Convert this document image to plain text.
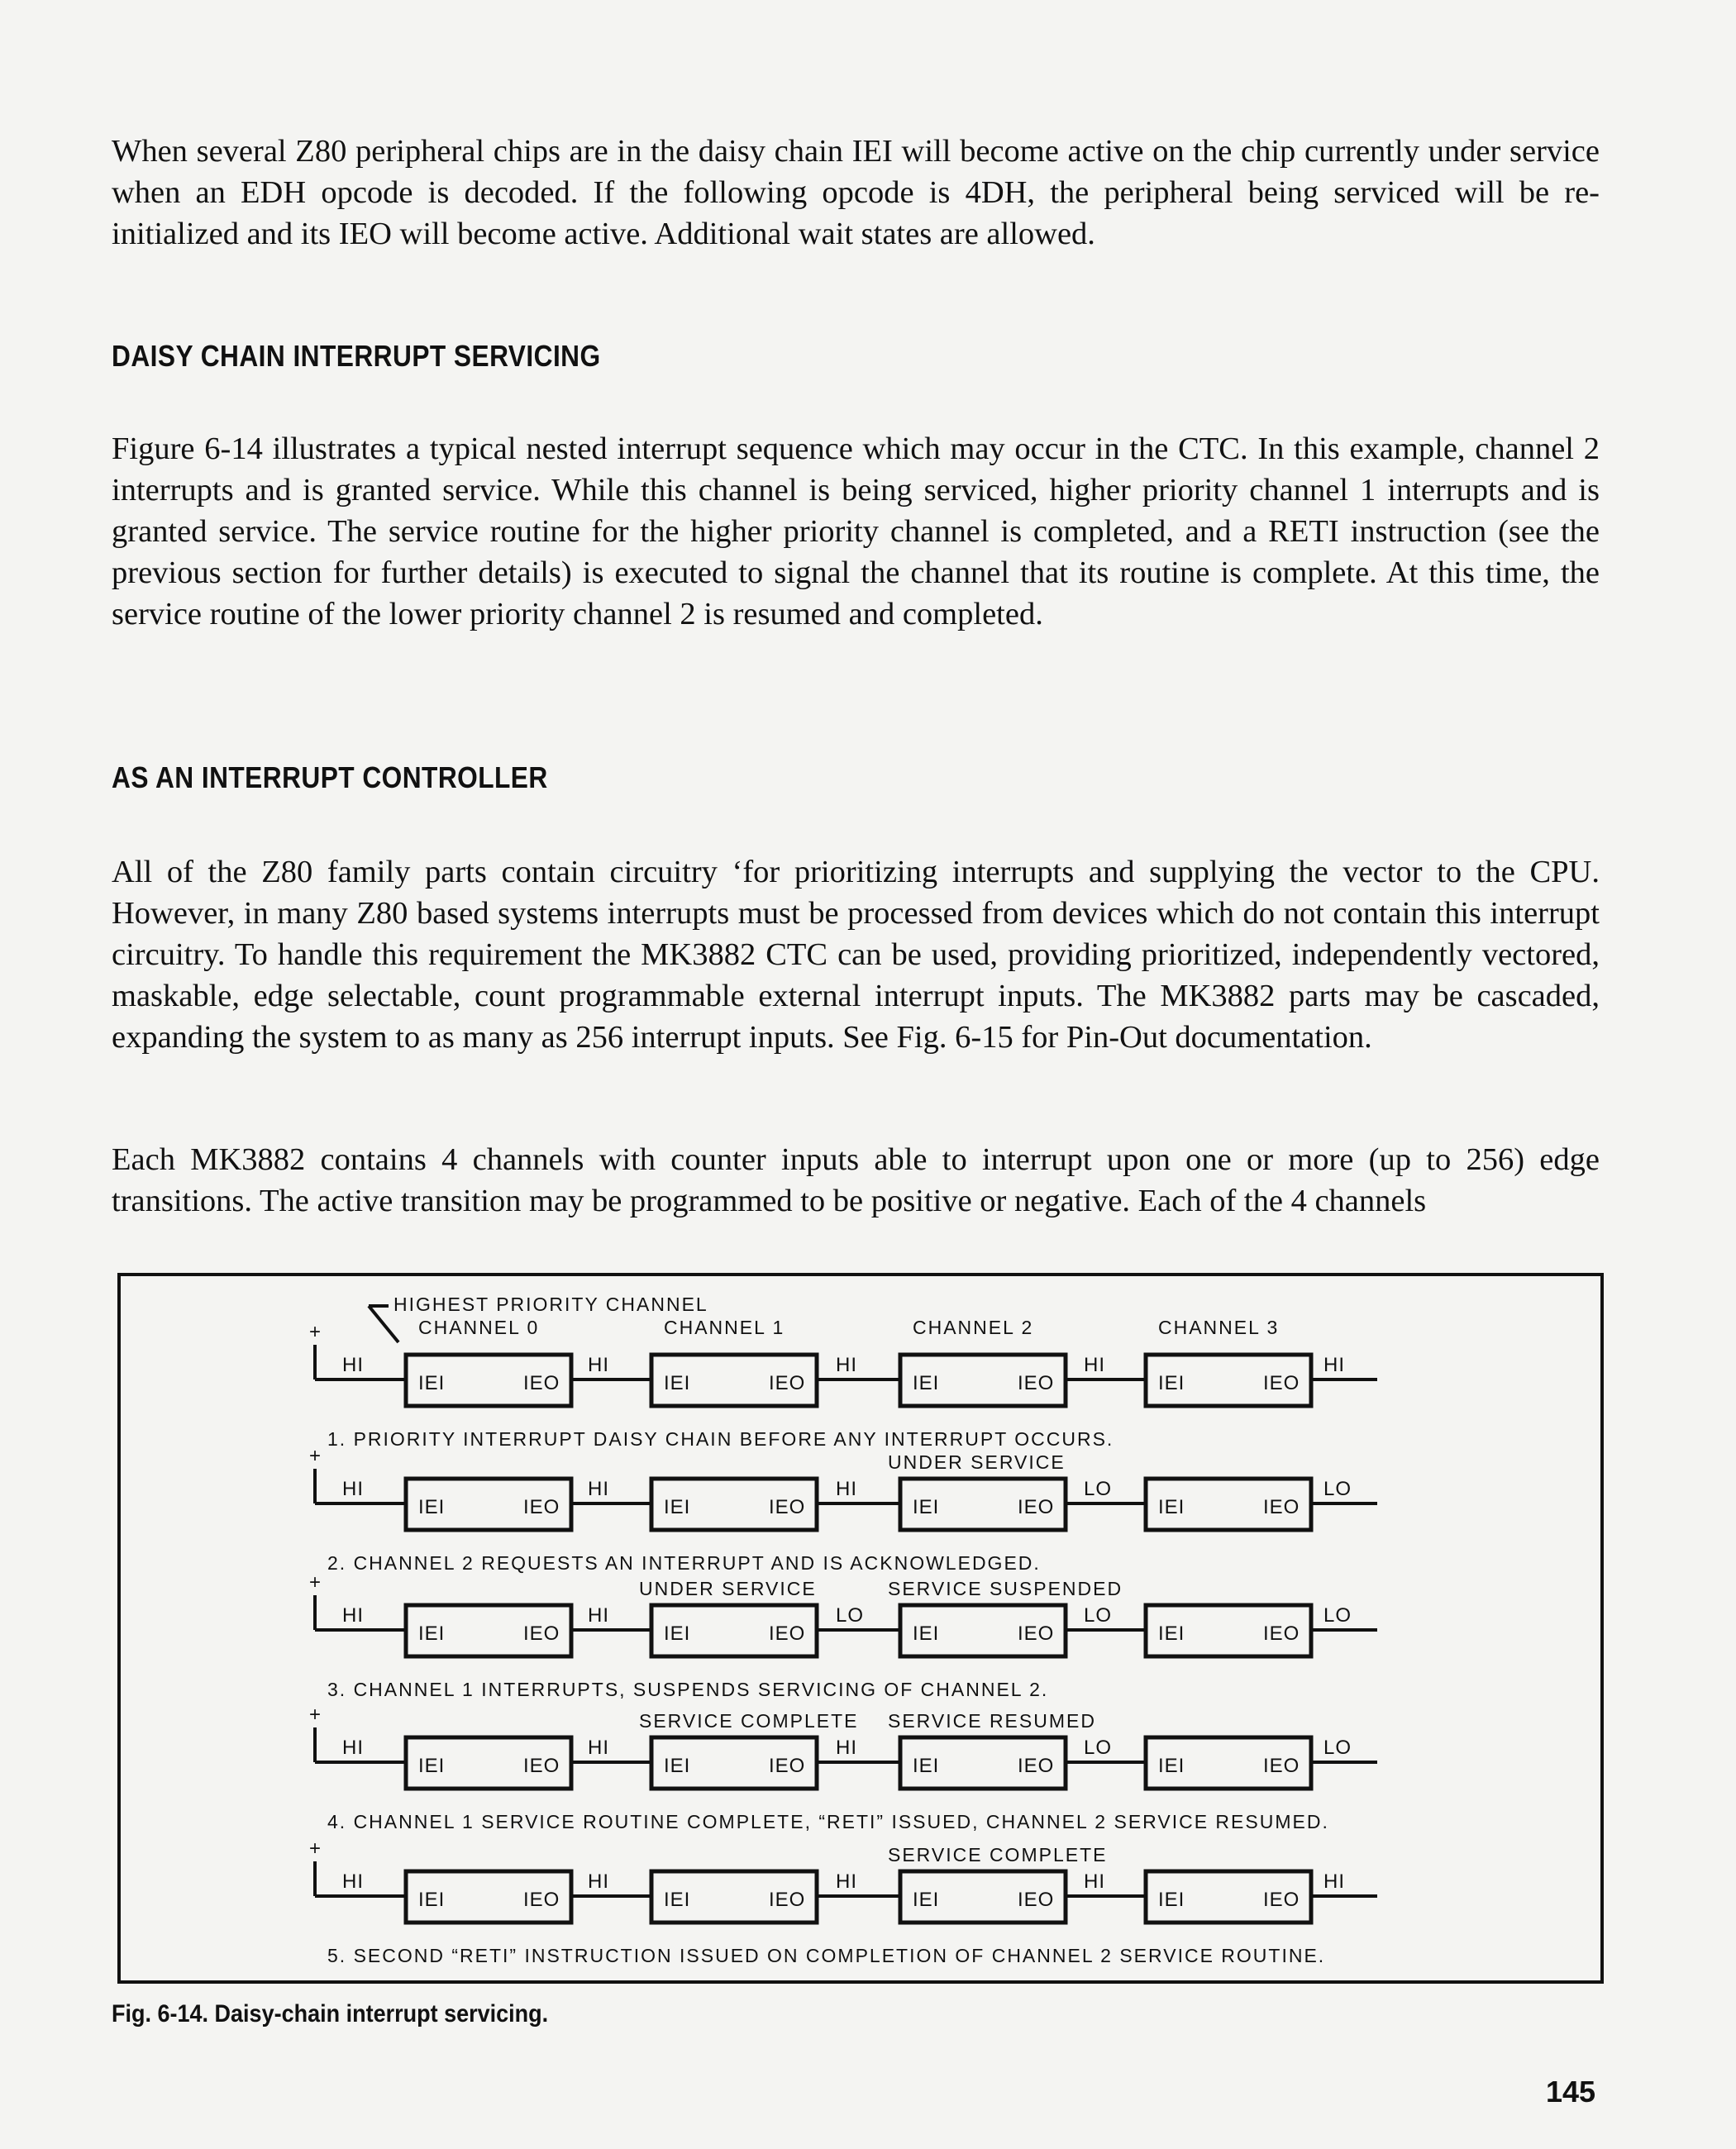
When several Z80 peripheral chips are in the daisy chain IEI will become active on the chip currently under service when an EDH opcode is decoded. If the following opcode is 4DH, the peripheral being serviced will be re-initialized and its IEO will become active. Additional wait states are allowed.

DAISY CHAIN INTERRUPT SERVICING

Figure 6-14 illustrates a typical nested interrupt sequence which may occur in the CTC. In this example, channel 2 interrupts and is granted service. While this channel is being serviced, higher priority channel 1 interrupts and is granted service. The service routine for the higher priority channel is completed, and a RETI instruction (see the previous section for further details) is executed to signal the channel that its routine is complete. At this time, the service routine of the lower priority channel 2 is resumed and completed.

AS AN INTERRUPT CONTROLLER

All of the Z80 family parts contain circuitry ‘for prioritizing interrupts and supplying the vector to the CPU. However, in many Z80 based systems interrupts must be processed from devices which do not contain this interrupt circuitry. To handle this requirement the MK3882 CTC can be used, providing prioritized, independently vectored, maskable, edge selectable, count programmable external interrupt inputs. The MK3882 parts may be cascaded, expanding the system to as many as 256 interrupt inputs. See Fig. 6-15 for Pin-Out documentation.

Each MK3882 contains 4 channels with counter inputs able to interrupt upon one or more (up to 256) edge transitions. The active transition may be programmed to be positive or negative. Each of the 4 channels

HIGHEST PRIORITY CHANNEL
CHANNEL 0	CHANNEL 1	CHANNEL 2	CHANNEL 3
+
IEI	IEO	IEI	IEO	IEI	IEO	IEI	IEO
HI	HI	HI	HI	HI
1. PRIORITY INTERRUPT DAISY CHAIN BEFORE ANY INTERRUPT OCCURS.
UNDER SERVICE
+
IEI	IEO	IEI	IEO	IEI	IEO	IEI	IEO
HI	HI	HI	LO	LO
2. CHANNEL 2 REQUESTS AN INTERRUPT AND IS ACKNOWLEDGED.
UNDER SERVICE	SERVICE SUSPENDED
+
IEI	IEO	IEI	IEO	IEI	IEO	IEI	IEO
HI	HI	LO	LO	LO
3. CHANNEL 1 INTERRUPTS, SUSPENDS SERVICING OF CHANNEL 2.
SERVICE COMPLETE SERVICE RESUMED
+
IEI	IEO	IEI	IEO	IEI	IEO	IEI	IEO
HI	HI	HI	LO	LO
4. CHANNEL 1 SERVICE ROUTINE COMPLETE, “RETI” ISSUED, CHANNEL 2 SERVICE RESUMED.
SERVICE COMPLETE
+
IEI	IEO	IEI	IEO	IEI	IEO	IEI	IEO
HI	HI	HI	HI	HI
5. SECOND “RETI” INSTRUCTION ISSUED ON COMPLETION OF CHANNEL 2 SERVICE ROUTINE.

Fig. 6-14. Daisy-chain interrupt servicing.

145
